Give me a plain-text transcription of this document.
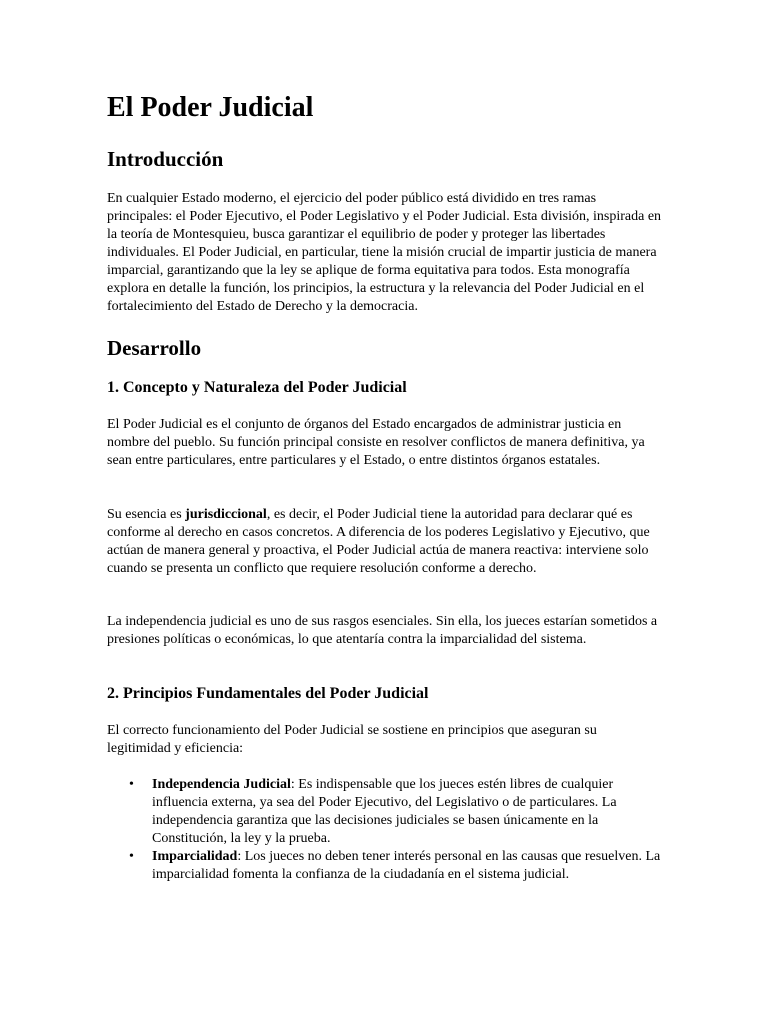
El Poder Judicial
Introducción

En cualquier Estado moderno, el ejercicio del poder público está dividido en tres ramas principales: el Poder Ejecutivo, el Poder Legislativo y el Poder Judicial. Esta división, inspirada en la teoría de Montesquieu, busca garantizar el equilibrio de poder y proteger las libertades individuales. El Poder Judicial, en particular, tiene la misión crucial de impartir justicia de manera imparcial, garantizando que la ley se aplique de forma equitativa para todos. Esta monografía explora en detalle la función, los principios, la estructura y la relevancia del Poder Judicial en el fortalecimiento del Estado de Derecho y la democracia.

Desarrollo
1. Concepto y Naturaleza del Poder Judicial

El Poder Judicial es el conjunto de órganos del Estado encargados de administrar justicia en nombre del pueblo. Su función principal consiste en resolver conflictos de manera definitiva, ya sean entre particulares, entre particulares y el Estado, o entre distintos órganos estatales.

Su esencia es jurisdiccional, es decir, el Poder Judicial tiene la autoridad para declarar qué es conforme al derecho en casos concretos. A diferencia de los poderes Legislativo y Ejecutivo, que actúan de manera general y proactiva, el Poder Judicial actúa de manera reactiva: interviene solo cuando se presenta un conflicto que requiere resolución conforme a derecho.

La independencia judicial es uno de sus rasgos esenciales. Sin ella, los jueces estarían sometidos a presiones políticas o económicas, lo que atentaría contra la imparcialidad del sistema.

2. Principios Fundamentales del Poder Judicial

El correcto funcionamiento del Poder Judicial se sostiene en principios que aseguran su legitimidad y eficiencia:

• Independencia Judicial: Es indispensable que los jueces estén libres de cualquier influencia externa, ya sea del Poder Ejecutivo, del Legislativo o de particulares. La independencia garantiza que las decisiones judiciales se basen únicamente en la Constitución, la ley y la prueba.
• Imparcialidad: Los jueces no deben tener interés personal en las causas que resuelven. La imparcialidad fomenta la confianza de la ciudadanía en el sistema judicial.
